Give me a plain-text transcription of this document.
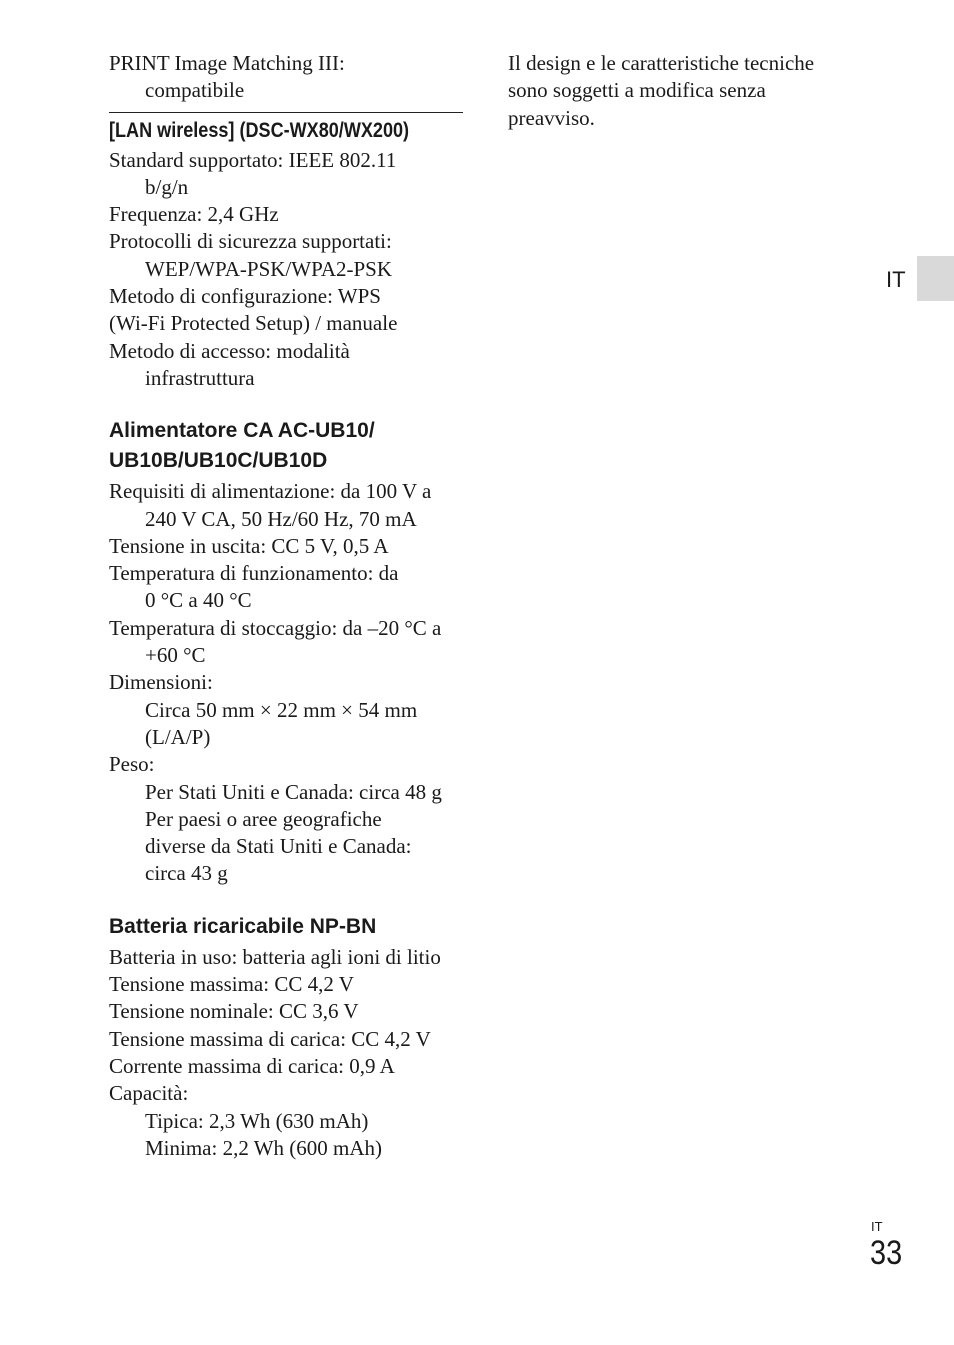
PRINT Image Matching III:
compatibile
[LAN wireless] (DSC-WX80/WX200)
Standard supportato: IEEE 802.11
b/g/n
Frequenza: 2,4 GHz
Protocolli di sicurezza supportati:
WEP/WPA-PSK/WPA2-PSK
Metodo di configurazione: WPS
(Wi-Fi Protected Setup) / manuale
Metodo di accesso: modalità
infrastruttura
Alimentatore CA AC-UB10/
UB10B/UB10C/UB10D
Requisiti di alimentazione: da 100 V a
240 V CA, 50 Hz/60 Hz, 70 mA
Tensione in uscita: CC 5 V, 0,5 A
Temperatura di funzionamento: da
0 °C a 40 °C
Temperatura di stoccaggio: da –20 °C a
+60 °C
Dimensioni:
Circa 50 mm × 22 mm × 54 mm
(L/A/P)
Peso:
Per Stati Uniti e Canada: circa 48 g
Per paesi o aree geografiche
diverse da Stati Uniti e Canada:
circa 43 g
Batteria ricaricabile NP-BN
Batteria in uso: batteria agli ioni di litio
Tensione massima: CC 4,2 V
Tensione nominale: CC 3,6 V
Tensione massima di carica: CC 4,2 V
Corrente massima di carica: 0,9 A
Capacità:
Tipica: 2,3 Wh (630 mAh)
Minima: 2,2 Wh (600 mAh)
Il design e le caratteristiche tecniche
sono soggetti a modifica senza
preavviso.
IT
IT
33
